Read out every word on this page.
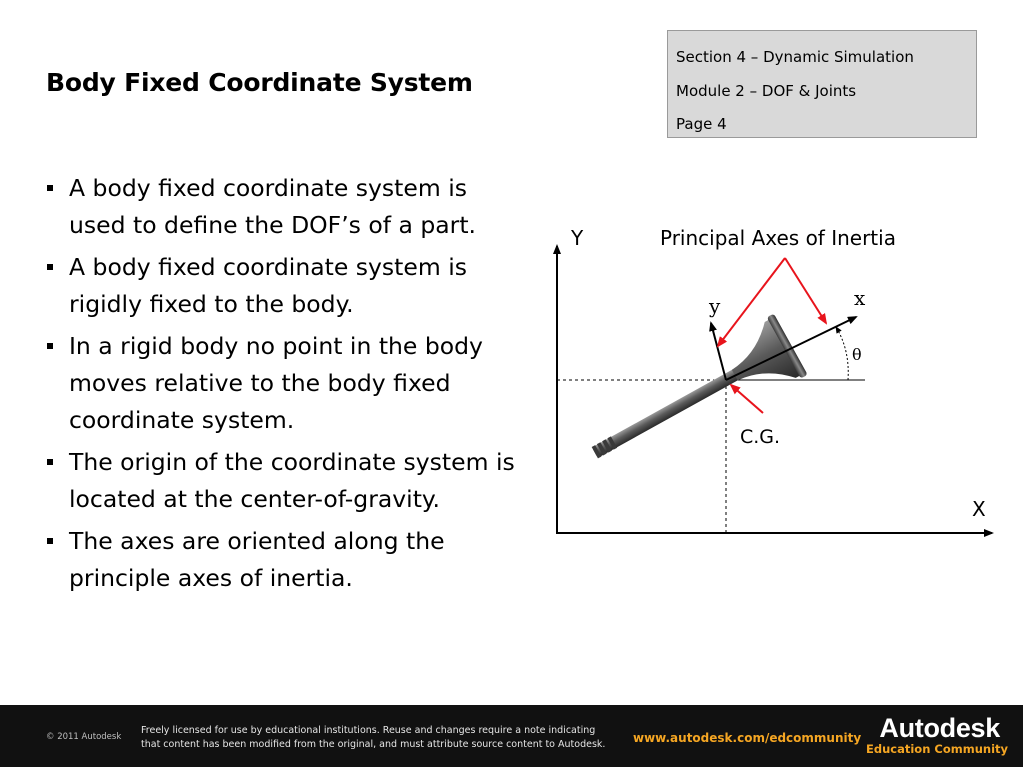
Body Fixed Coordinate System
Section 4 – Dynamic Simulation
Module 2 – DOF & Joints
Page 4
A body fixed coordinate system is used to define the DOF’s of a part.
A body fixed coordinate system is rigidly fixed to the body.
In a rigid body no point in the body moves relative to the body fixed coordinate system.
The origin of the coordinate system is located at the center-of-gravity.
The axes are oriented along the principle axes of inertia.
Y
X
x
y
θ
Principal Axes of Inertia
C.G.
© 2011 Autodesk
Freely licensed for use by educational institutions. Reuse and changes require a note indicating
that content has been modified from the original, and must attribute source content to Autodesk.	www.autodesk.com/edcommunity Autodesk
Education Community
